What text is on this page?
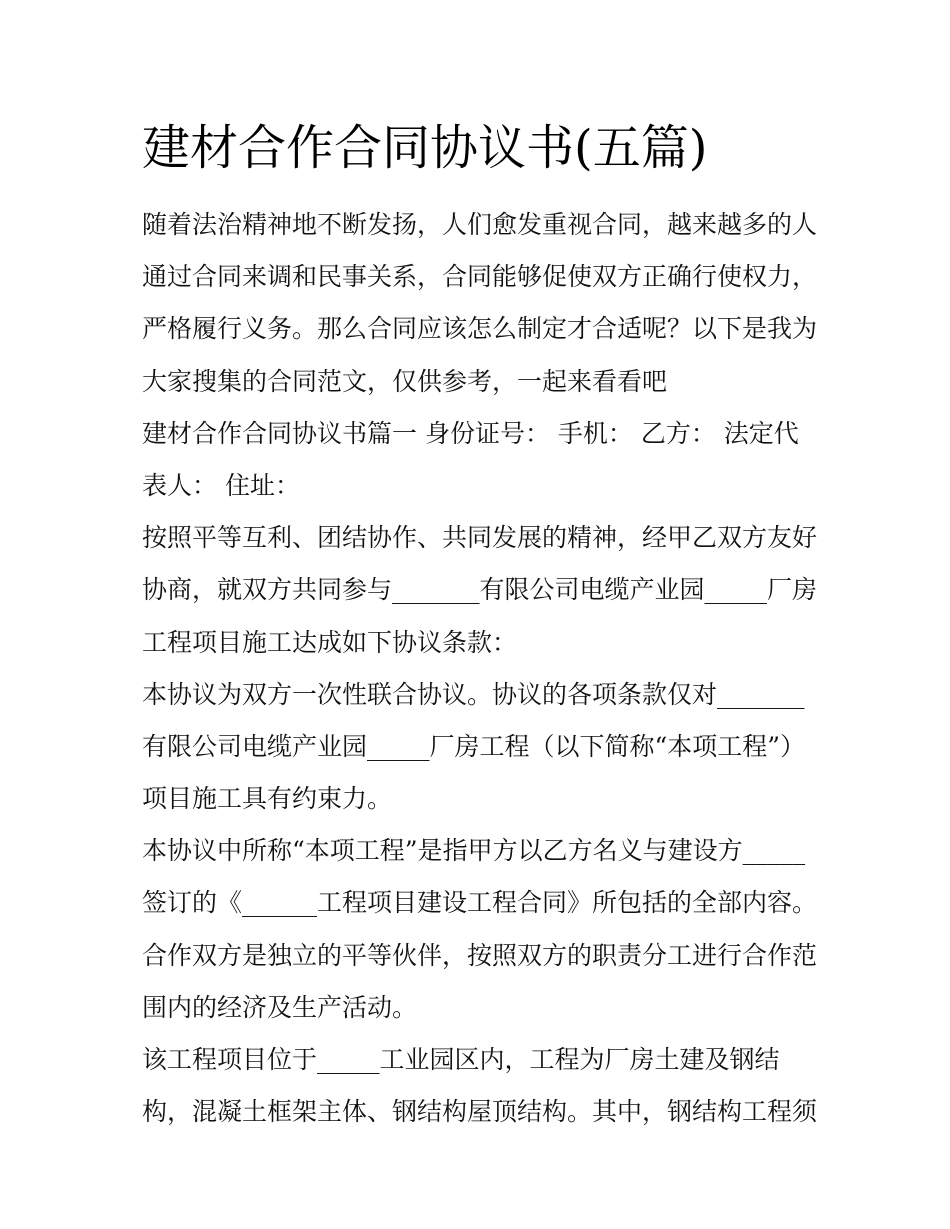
建材合作合同协议书(五篇)
随着法治精神地不断发扬，人们愈发重视合同，越来越多的人
通过合同来调和民事关系，合同能够促使双方正确行使权力，
严格履行义务。那么合同应该怎么制定才合适呢？以下是我为
大家搜集的合同范文，仅供参考，一起来看看吧
建材合作合同协议书篇一 身份证号： 手机： 乙方： 法定代
表人： 住址：
按照平等互利、团结协作、共同发展的精神，经甲乙双方友好
协商，就双方共同参与_______有限公司电缆产业园_____厂房
工程项目施工达成如下协议条款：
本协议为双方一次性联合协议。协议的各项条款仅对_______
有限公司电缆产业园_____厂房工程（以下简称“本项工程”）
项目施工具有约束力。
本协议中所称“本项工程”是指甲方以乙方名义与建设方_____
签订的《______工程项目建设工程合同》所包括的全部内容。
合作双方是独立的平等伙伴，按照双方的职责分工进行合作范
围内的经济及生产活动。
该工程项目位于_____工业园区内，工程为厂房土建及钢结
构，混凝土框架主体、钢结构屋顶结构。其中，钢结构工程须
